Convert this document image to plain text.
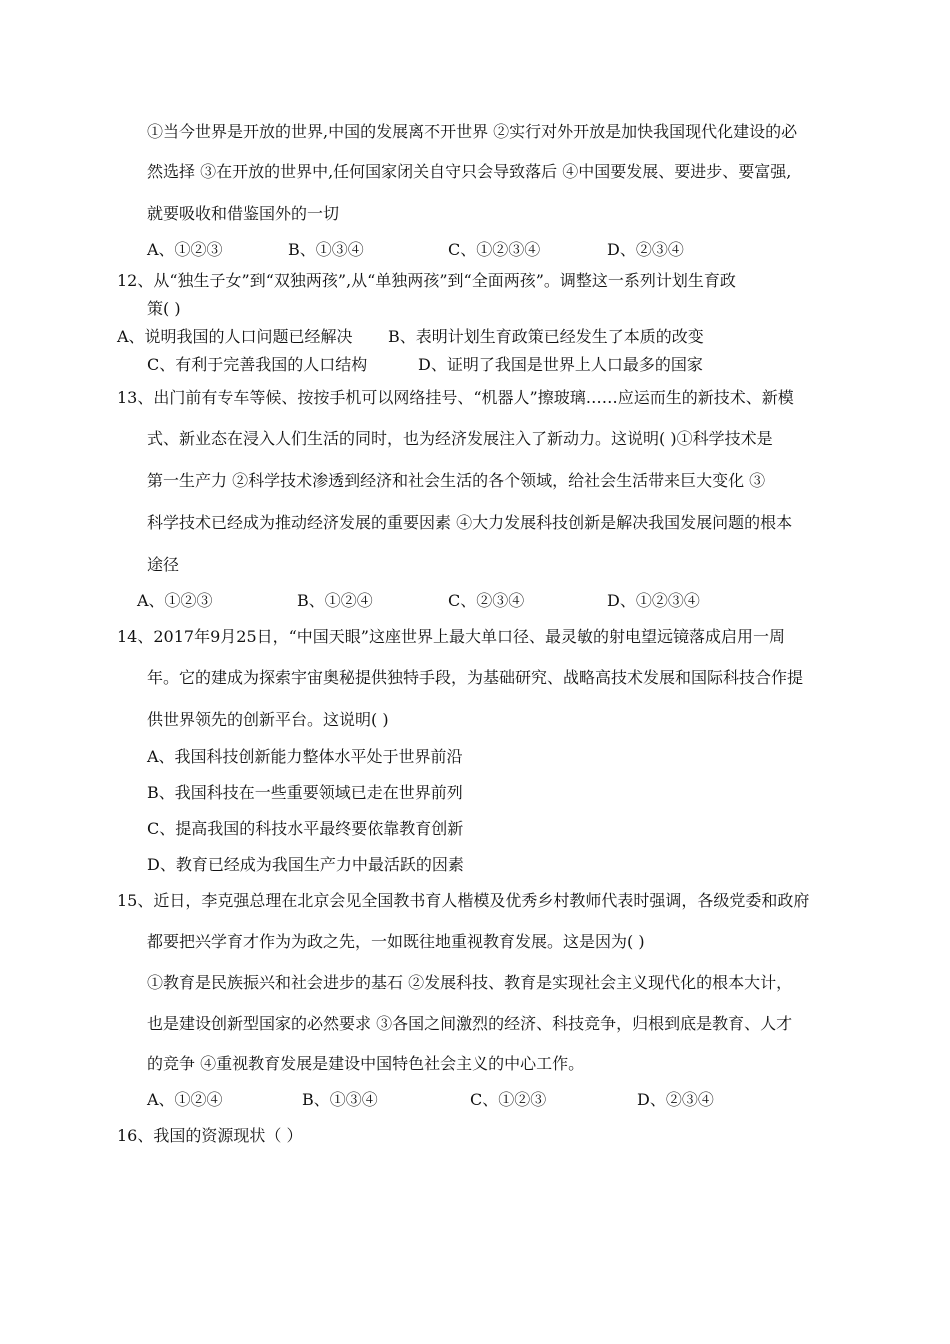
①当今世界是开放的世界,中国的发展离不开世界 ②实行对外开放是加快我国现代化建设的必
然选择 ③在开放的世界中,任何国家闭关自守只会导致落后 ④中国要发展、要进步、要富强,
就要吸收和借鉴国外的一切
A、①②③	B、①③④	C、①②③④	D、②③④
12、从“独生子女”到“双独两孩”,从“单独两孩”到“全面两孩”。调整这一系列计划生育政
策( )
A、说明我国的人口问题已经解决 B、表明计划生育政策已经发生了本质的改变
C、有利于完善我国的人口结构	D、证明了我国是世界上人口最多的国家
13、出门前有专车等候、按按手机可以网络挂号、“机器人”擦玻璃……应运而生的新技术、新模
式、新业态在浸入人们生活的同时，也为经济发展注入了新动力。这说明( )①科学技术是
第一生产力 ②科学技术渗透到经济和社会生活的各个领域，给社会生活带来巨大变化 ③
科学技术已经成为推动经济发展的重要因素 ④大力发展科技创新是解决我国发展问题的根本
途径
A、①②③	B、①②④	C、②③④	D、①②③④
14、2017年9月25日，“中国天眼”这座世界上最大单口径、最灵敏的射电望远镜落成启用一周
年。它的建成为探索宇宙奥秘提供独特手段，为基础研究、战略高技术发展和国际科技合作提
供世界领先的创新平台。这说明( )
A、我国科技创新能力整体水平处于世界前沿
B、我国科技在一些重要领域已走在世界前列
C、提高我国的科技水平最终要依靠教育创新
D、教育已经成为我国生产力中最活跃的因素
15、近日，李克强总理在北京会见全国教书育人楷模及优秀乡村教师代表时强调，各级党委和政府
都要把兴学育才作为为政之先，一如既往地重视教育发展。这是因为( )
①教育是民族振兴和社会进步的基石 ②发展科技、教育是实现社会主义现代化的根本大计，
也是建设创新型国家的必然要求 ③各国之间激烈的经济、科技竞争，归根到底是教育、人才
的竞争 ④重视教育发展是建设中国特色社会主义的中心工作。
A、①②④	B、①③④	C、①②③	D、②③④
16、我国的资源现状（ ）
